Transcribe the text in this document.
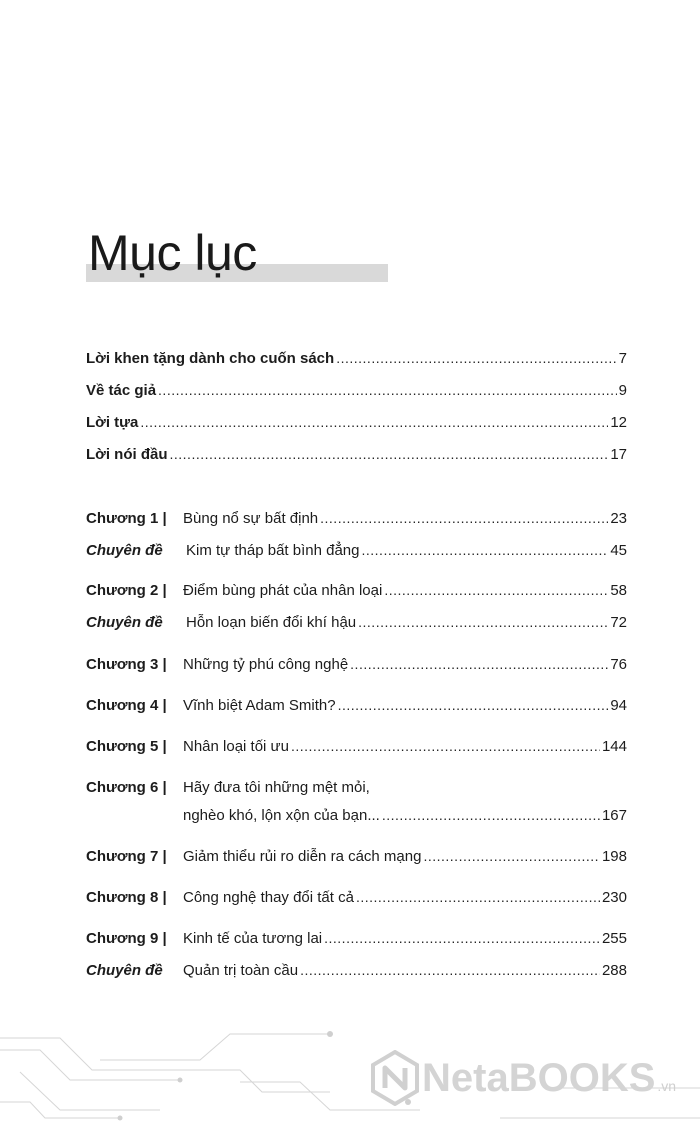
Mục lục
Lời khen tặng dành cho cuốn sách .....	7
Về tác giả .....	9
Lời tựa .....	12
Lời nói đầu .....	17
Chương 1 |	Bùng nổ sự bất định .....	23
Chuyên đề	Kim tự tháp bất bình đẳng .....	45
Chương 2 |	Điểm bùng phát của nhân loại .....	58
Chuyên đề	Hỗn loạn biến đổi khí hậu .....	72
Chương 3 |	Những tỷ phú công nghệ .....	76
Chương 4 |	Vĩnh biệt Adam Smith? .....	94
Chương 5 |	Nhân loại tối ưu .....	144
Chương 6 |	Hãy đưa tôi những mệt mỏi,
nghèo khó, lộn xộn của bạn... .....	167
Chương 7 |	Giảm thiểu rủi ro diễn ra cách mạng .....	198
Chương 8 |	Công nghệ thay đổi tất cả .....	230
Chương 9 |	Kinh tế của tương lai .....	255
Chuyên đề	Quản trị toàn cầu .....	288
NetaBOOKS .vn
